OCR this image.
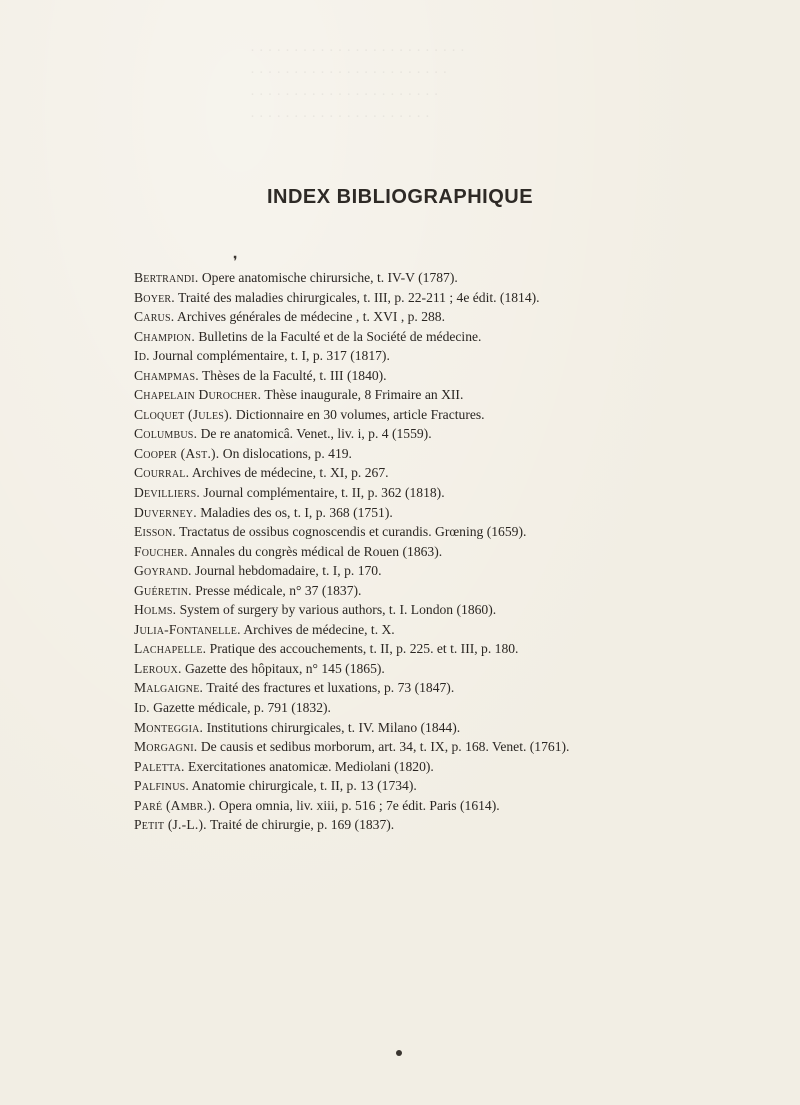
· · · · · · · · · · · · · · · · · · · · · · · · ·
· · · · · · · · · · · · · · · · · · · · · · ·
· · · · · · · · · · · · · · · · · · · · · ·
· · · · · · · · · · · · · · · · · · · · ·
INDEX BIBLIOGRAPHIQUE
❜
Bertrandi. Opere anatomische chirursiche, t. IV-V (1787).
Boyer. Traité des maladies chirurgicales, t. III, p. 22-211 ; 4e édit. (1814).
Carus. Archives générales de médecine , t. XVI , p. 288.
Champion. Bulletins de la Faculté et de la Société de médecine.
Id. Journal complémentaire, t. I, p. 317 (1817).
Champmas. Thèses de la Faculté, t. III (1840).
Chapelain Durocher. Thèse inaugurale, 8 Frimaire an XII.
Cloquet (Jules). Dictionnaire en 30 volumes, article Fractures.
Columbus. De re anatomicâ. Venet., liv. i, p. 4 (1559).
Cooper (Ast.). On dislocations, p. 419.
Courral. Archives de médecine, t. XI, p. 267.
Devilliers. Journal complémentaire, t. II, p. 362 (1818).
Duverney. Maladies des os, t. I, p. 368 (1751).
Eisson. Tractatus de ossibus cognoscendis et curandis. Grœning (1659).
Foucher. Annales du congrès médical de Rouen (1863).
Goyrand. Journal hebdomadaire, t. I, p. 170.
Guéretin. Presse médicale, n° 37 (1837).
Holms. System of surgery by various authors, t. I. London (1860).
Julia-Fontanelle. Archives de médecine, t. X.
Lachapelle. Pratique des accouchements, t. II, p. 225. et t. III, p. 180.
Leroux. Gazette des hôpitaux, n° 145 (1865).
Malgaigne. Traité des fractures et luxations, p. 73 (1847).
Id. Gazette médicale, p. 791 (1832).
Monteggia. Institutions chirurgicales, t. IV. Milano (1844).
Morgagni. De causis et sedibus morborum, art. 34, t. IX, p. 168. Venet. (1761).
Paletta. Exercitationes anatomicæ. Mediolani (1820).
Palfinus. Anatomie chirurgicale, t. II, p. 13 (1734).
Paré (Ambr.). Opera omnia, liv. xiii, p. 516 ; 7e édit. Paris (1614).
Petit (J.-L.). Traité de chirurgie, p. 169 (1837).
